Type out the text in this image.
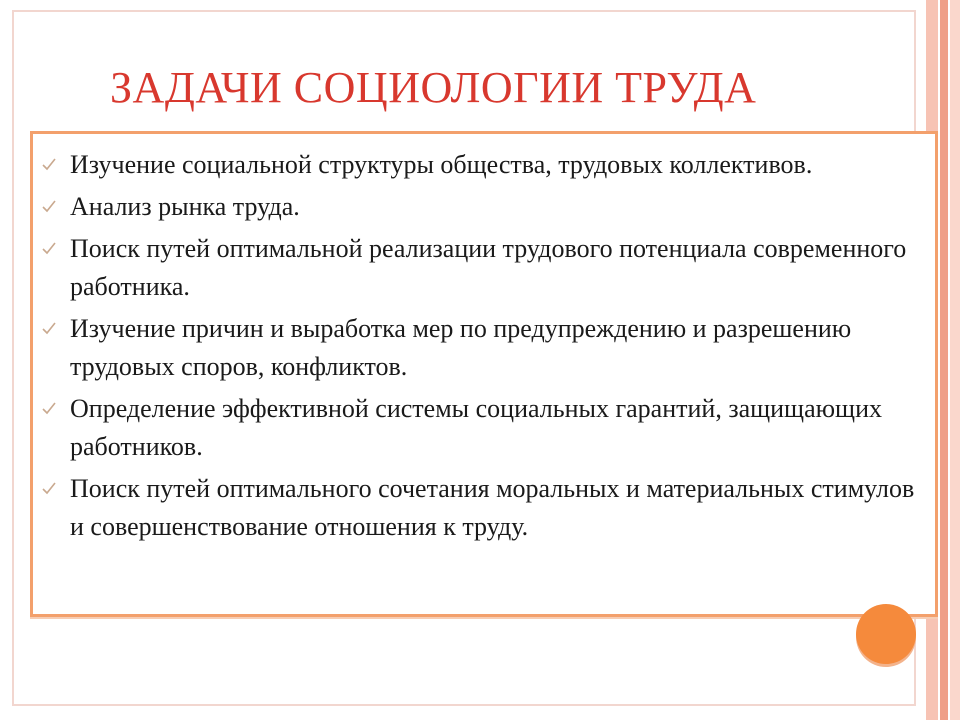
ЗАДАЧИ СОЦИОЛОГИИ ТРУДА
Изучение социальной структуры общества, трудовых коллективов.
Анализ рынка труда.
Поиск путей оптимальной реализации трудового потенциала современного работника.
Изучение причин и выработка мер по предупреждению и разрешению трудовых споров, конфликтов.
Определение эффективной системы социальных гарантий, защищающих работников.
Поиск путей оптимального сочетания моральных и материальных стимулов и совершенствование отношения к труду.
